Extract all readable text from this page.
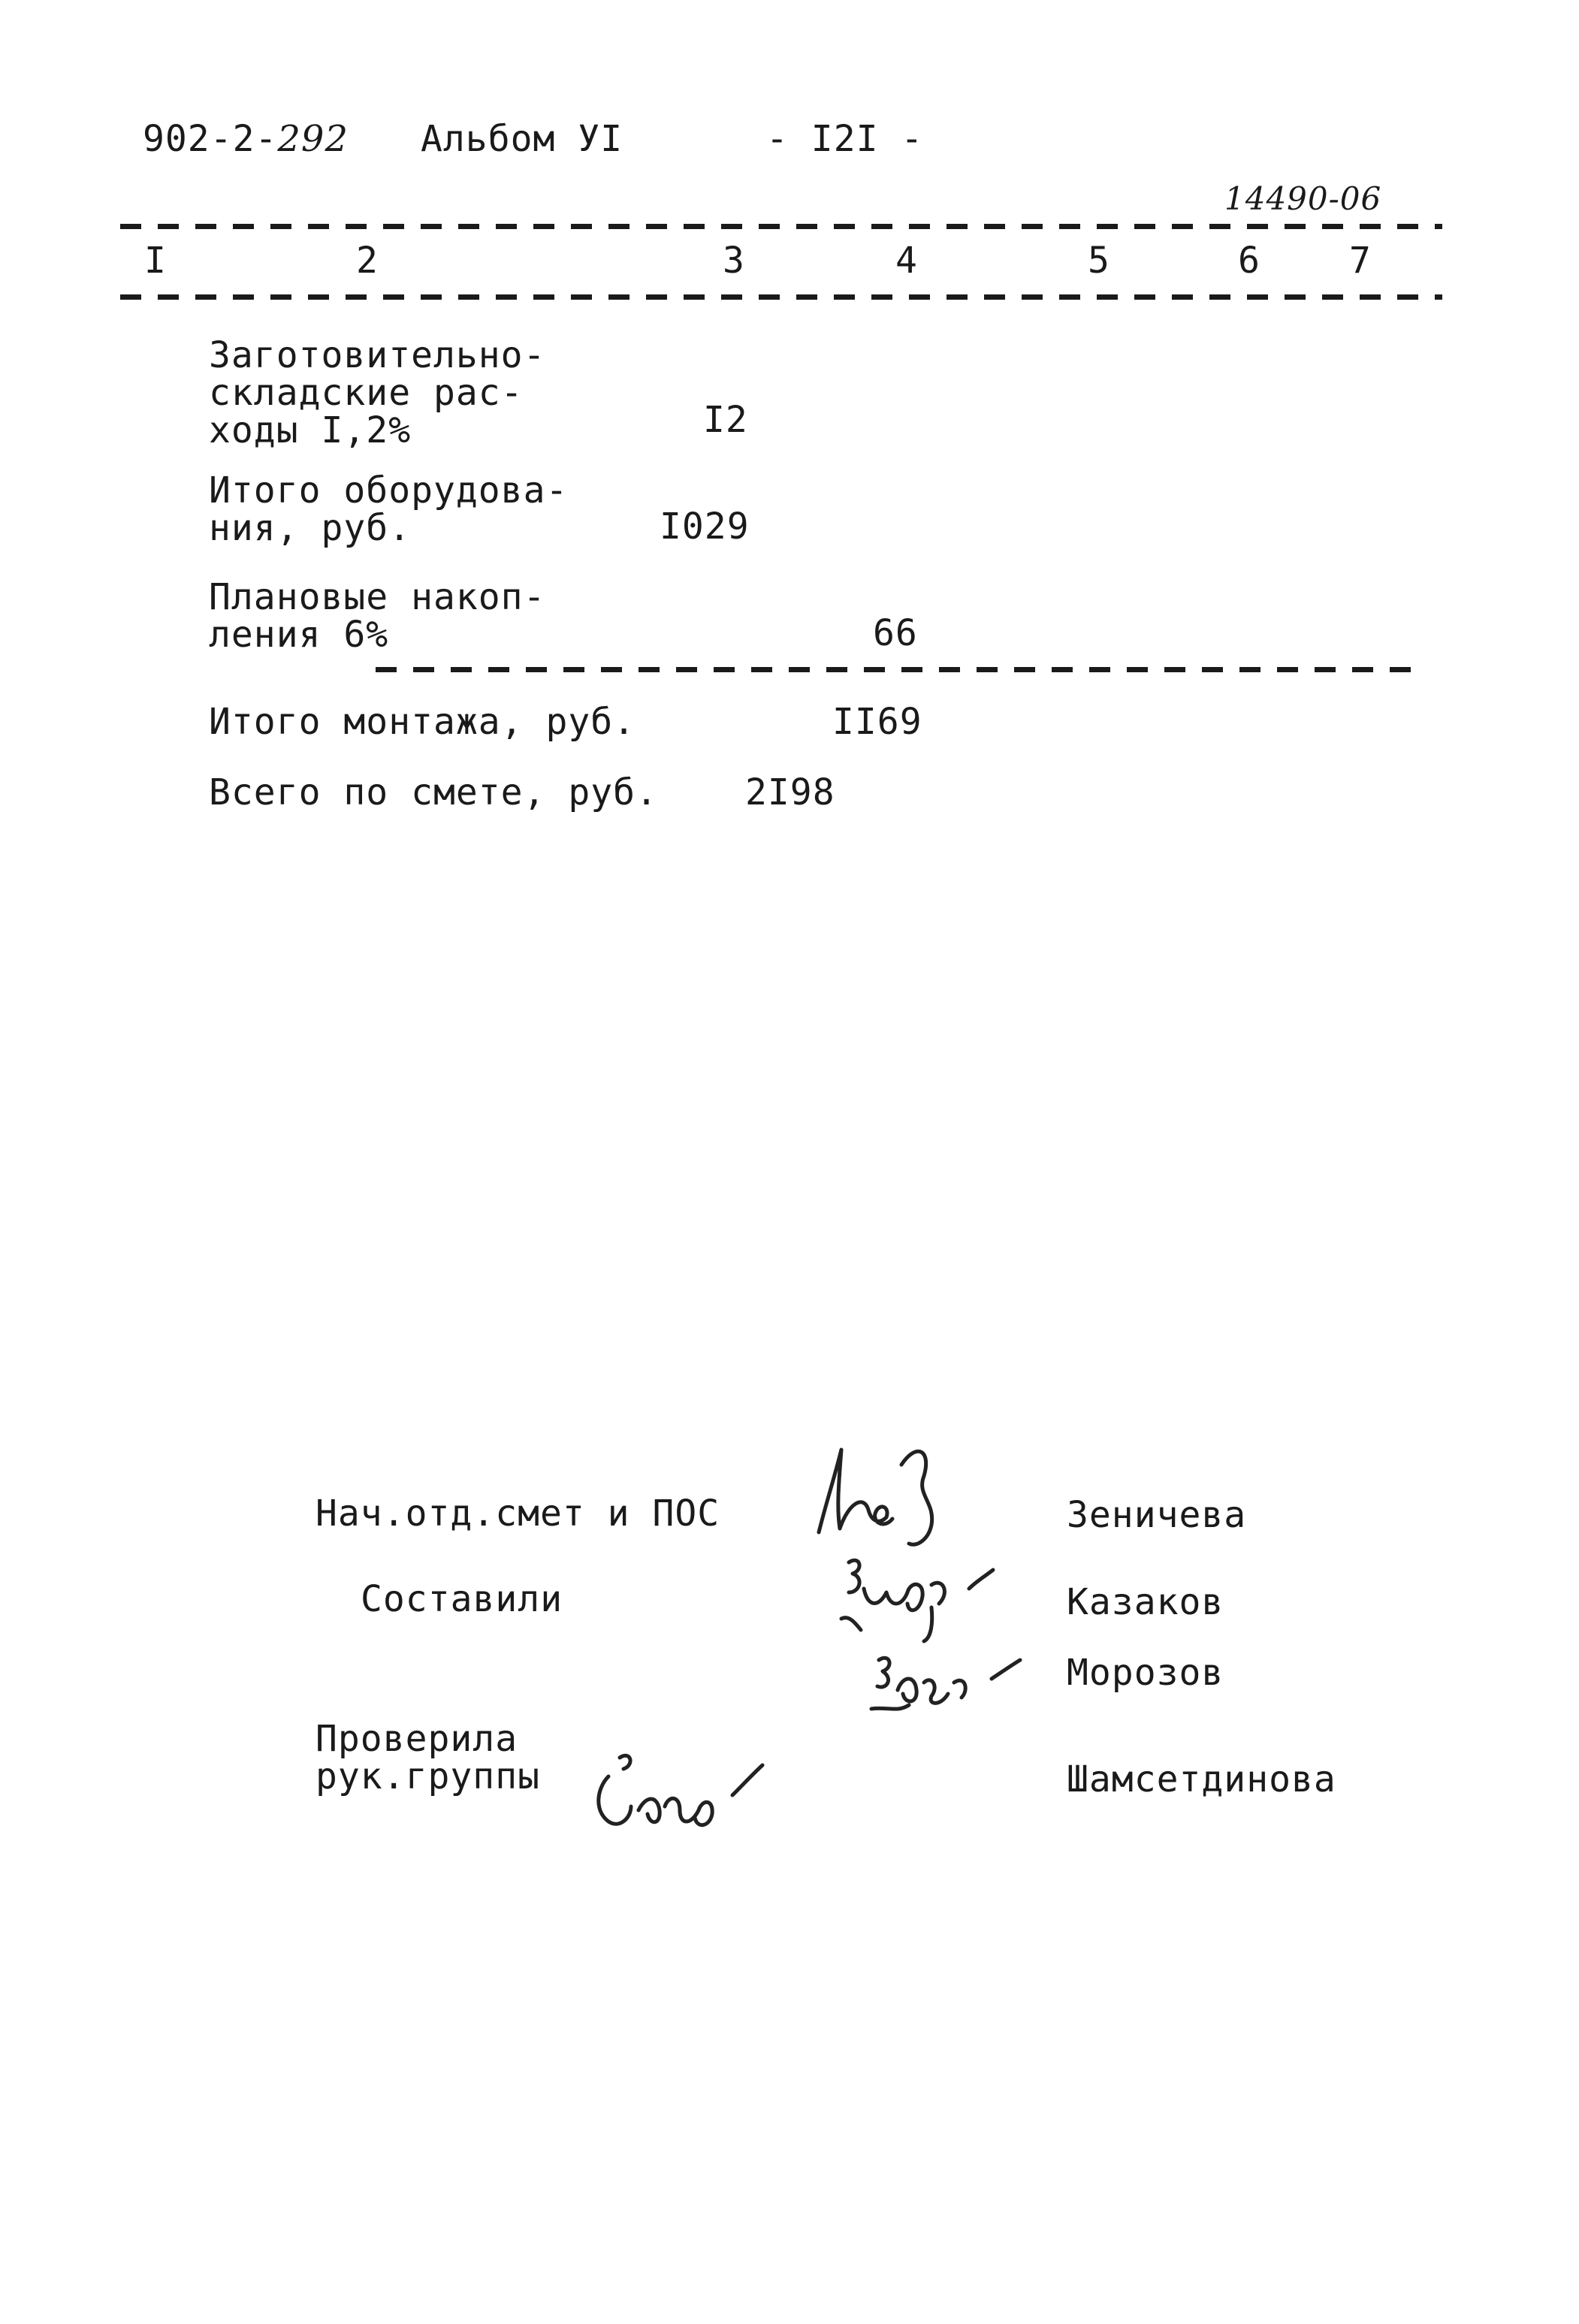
902-2-292 Альбом УI	- I2I -
14490-06
I	2	3	4	5	6 7
Заготовительно-
складские рас-
ходы I,2%	I2
Итого оборудова-
ния, руб.	I029
Плановые накоп-
ления 6%	66
Итого монтажа, руб.	II69
Всего по смете, руб. 2I98
Нач.отд.смет и ПОС	Зеничева
Составили	Казаков
Морозов
Проверила
рук.группы	Шамсетдинова
